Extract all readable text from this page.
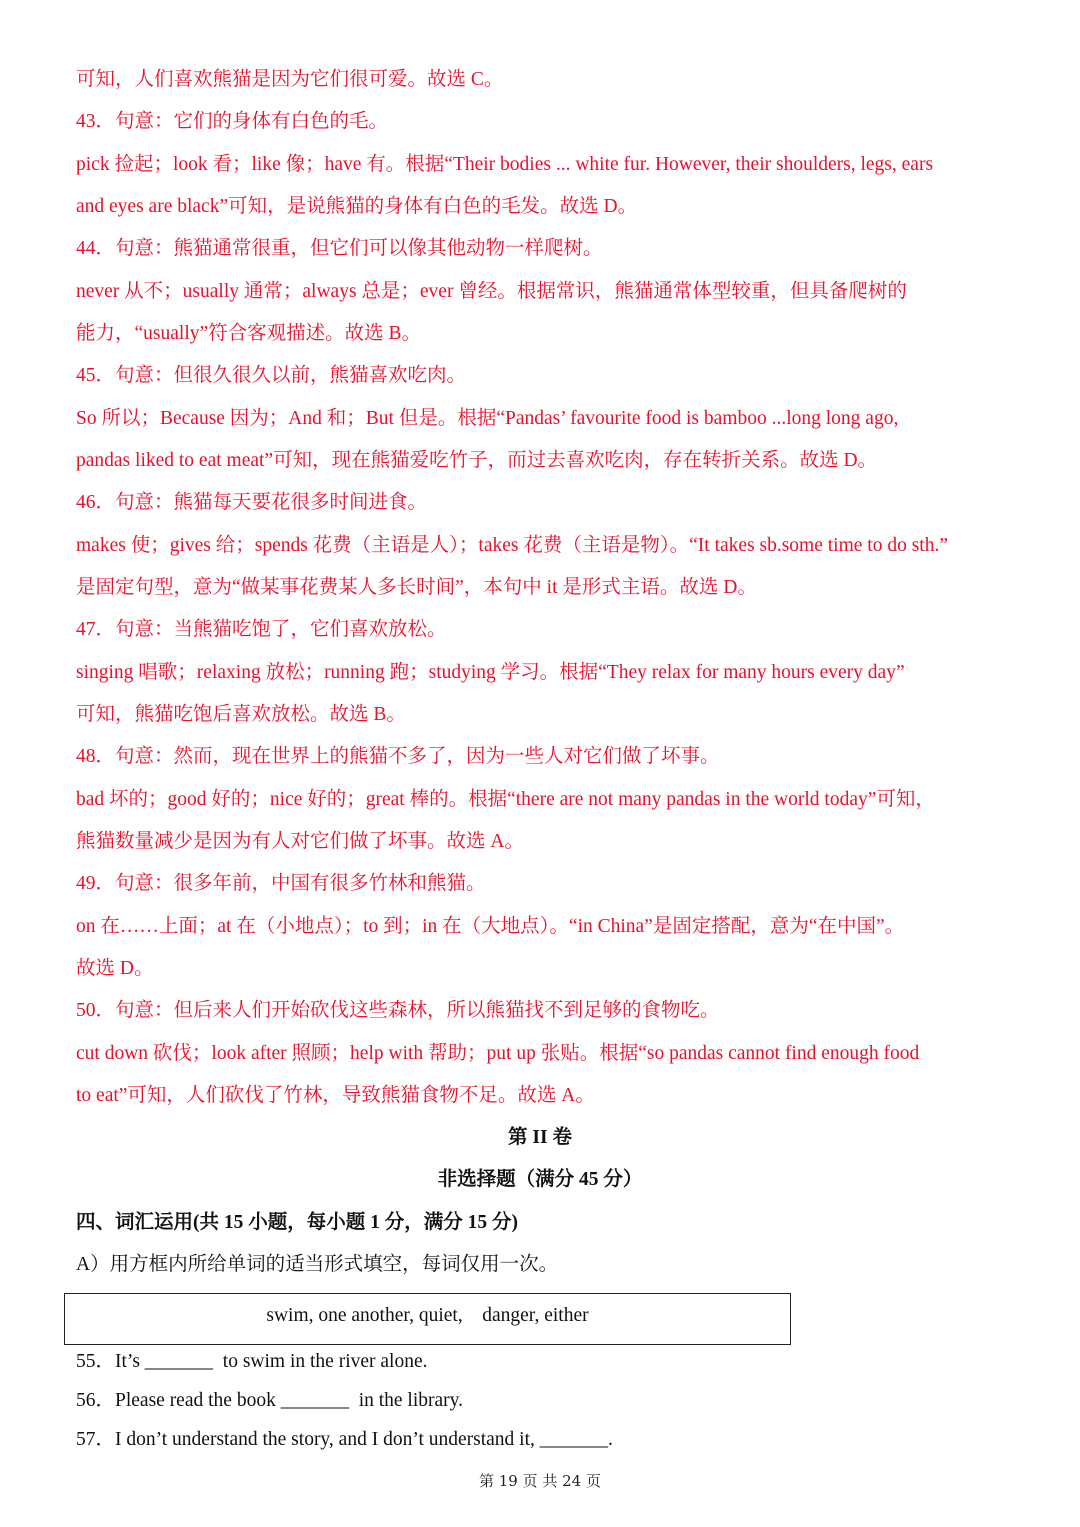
可知，人们喜欢熊猫是因为它们很可爱。故选 C。
43．句意：它们的身体有白色的毛。
pick 捡起；look 看；like 像；have 有。根据“Their bodies ... white fur. However, their shoulders, legs, ears
and eyes are black”可知，是说熊猫的身体有白色的毛发。故选 D。
44．句意：熊猫通常很重，但它们可以像其他动物一样爬树。
never 从不；usually 通常；always 总是；ever 曾经。根据常识，熊猫通常体型较重，但具备爬树的
能力，“usually”符合客观描述。故选 B。
45．句意：但很久很久以前，熊猫喜欢吃肉。
So 所以；Because 因为；And 和；But 但是。根据“Pandas’ favourite food is bamboo ...long long ago,
pandas liked to eat meat”可知，现在熊猫爱吃竹子，而过去喜欢吃肉，存在转折关系。故选 D。
46．句意：熊猫每天要花很多时间进食。
makes 使；gives 给；spends 花费（主语是人）；takes 花费（主语是物）。“It takes sb.some time to do sth.”
是固定句型，意为“做某事花费某人多长时间”，本句中 it 是形式主语。故选 D。
47．句意：当熊猫吃饱了，它们喜欢放松。
singing 唱歌；relaxing 放松；running 跑；studying 学习。根据“They relax for many hours every day”
可知，熊猫吃饱后喜欢放松。故选 B。
48．句意：然而，现在世界上的熊猫不多了，因为一些人对它们做了坏事。
bad 坏的；good 好的；nice 好的；great 棒的。根据“there are not many pandas in the world today”可知，
熊猫数量减少是因为有人对它们做了坏事。故选 A。
49．句意：很多年前，中国有很多竹林和熊猫。
on 在……上面；at 在（小地点）；to 到；in 在（大地点）。“in China”是固定搭配，意为“在中国”。
故选 D。
50．句意：但后来人们开始砍伐这些森林，所以熊猫找不到足够的食物吃。
cut down 砍伐；look after 照顾；help with 帮助；put up 张贴。根据“so pandas cannot find enough food
to eat”可知，人们砍伐了竹林，导致熊猫食物不足。故选 A。
第 II 卷
非选择题（满分 45 分）
四、词汇运用(共 15 小题，每小题 1 分，满分 15 分)
A）用方框内所给单词的适当形式填空，每词仅用一次。
swim, one another, quiet,    danger, either
55．It’s _______  to swim in the river alone.
56．Please read the book _______  in the library.
57．I don’t understand the story, and I don’t understand it, _______.
第 19 页 共 24 页
